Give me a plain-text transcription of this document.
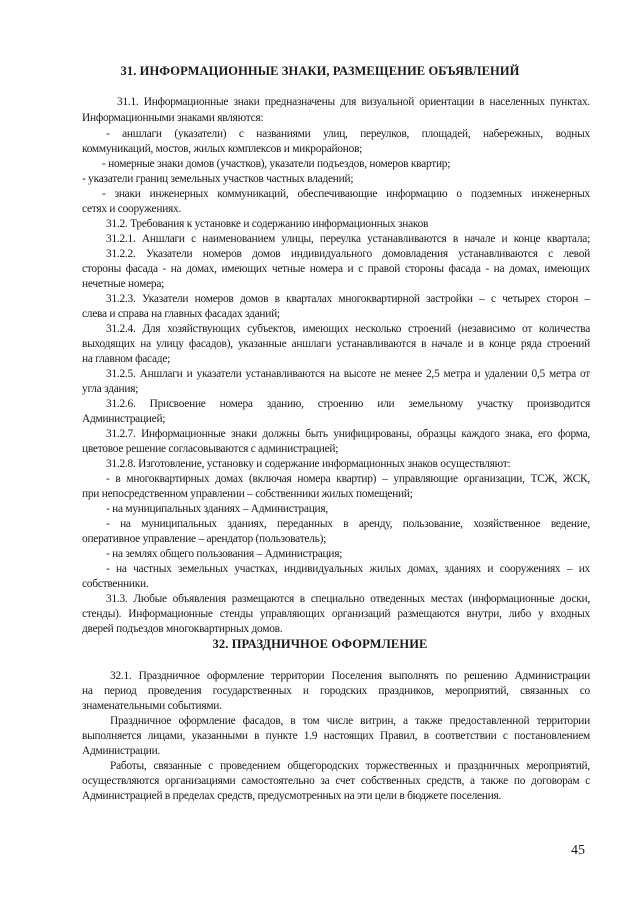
31. ИНФОРМАЦИОННЫЕ ЗНАКИ, РАЗМЕЩЕНИЕ ОБЪЯВЛЕНИЙ
31.1. Информационные знаки предназначены для визуальной ориентации в населенных пунктах.
Информационными знаками являются:
- аншлаги (указатели) с названиями улиц, переулков, площадей, набережных, водных
коммуникаций, мостов, жилых комплексов и микрорайонов;
- номерные знаки домов (участков), указатели подъездов, номеров квартир;
- указатели границ земельных участков частных владений;
- знаки инженерных коммуникаций, обеспечивающие информацию о подземных инженерных
сетях и сооружениях.
31.2. Требования к установке и содержанию информационных знаков
31.2.1. Аншлаги с наименованием улицы, переулка устанавливаются в начале и конце квартала;
31.2.2. Указатели номеров домов индивидуального домовладения устанавливаются с левой
стороны фасада - на домах, имеющих четные номера и с правой стороны фасада - на домах, имеющих
нечетные номера;
31.2.3. Указатели номеров домов в кварталах многоквартирной застройки – с четырех сторон –
слева и справа на главных фасадах зданий;
31.2.4. Для хозяйствующих субъектов, имеющих несколько строений (независимо от количества
выходящих на улицу фасадов), указанные аншлаги устанавливаются в начале и в конце ряда строений
на главном фасаде;
31.2.5. Аншлаги и указатели устанавливаются на высоте не менее 2,5 метра и удалении 0,5 метра от
угла здания;
31.2.6. Присвоение номера зданию, строению или земельному участку производится
Администрацией;
31.2.7. Информационные знаки должны быть унифицированы, образцы каждого знака, его форма,
цветовое решение согласовываются с администрацией;
31.2.8. Изготовление, установку и содержание информационных знаков осуществляют:
- в многоквартирных домах (включая номера квартир) – управляющие организации, ТСЖ, ЖСК,
при непосредственном управлении – собственники жилых помещений;
- на муниципальных зданиях – Администрация,
- на муниципальных зданиях, переданных в аренду, пользование, хозяйственное ведение,
оперативное управление – арендатор (пользователь);
- на землях общего пользования – Администрация;
- на частных земельных участках, индивидуальных жилых домах, зданиях и сооружениях – их
собственники.
31.3. Любые объявления размещаются в специально отведенных местах (информационные доски,
стенды). Информационные стенды управляющих организаций размещаются внутри, либо у входных
дверей подъездов многоквартирных домов.
32. ПРАЗДНИЧНОЕ ОФОРМЛЕНИЕ
32.1. Праздничное оформление территории Поселения выполнять по решению Администрации
на период проведения государственных и городских праздников, мероприятий, связанных со
знаменательными событиями.
Праздничное оформление фасадов, в том числе витрин, а также предоставленной территории
выполняется лицами, указанными в пункте 1.9 настоящих Правил, в соответствии с постановлением
Администрации.
Работы, связанные с проведением общегородских торжественных и праздничных мероприятий,
осуществляются организациями самостоятельно за счет собственных средств, а также по договорам с
Администрацией в пределах средств, предусмотренных на эти цели в бюджете поселения.
45
